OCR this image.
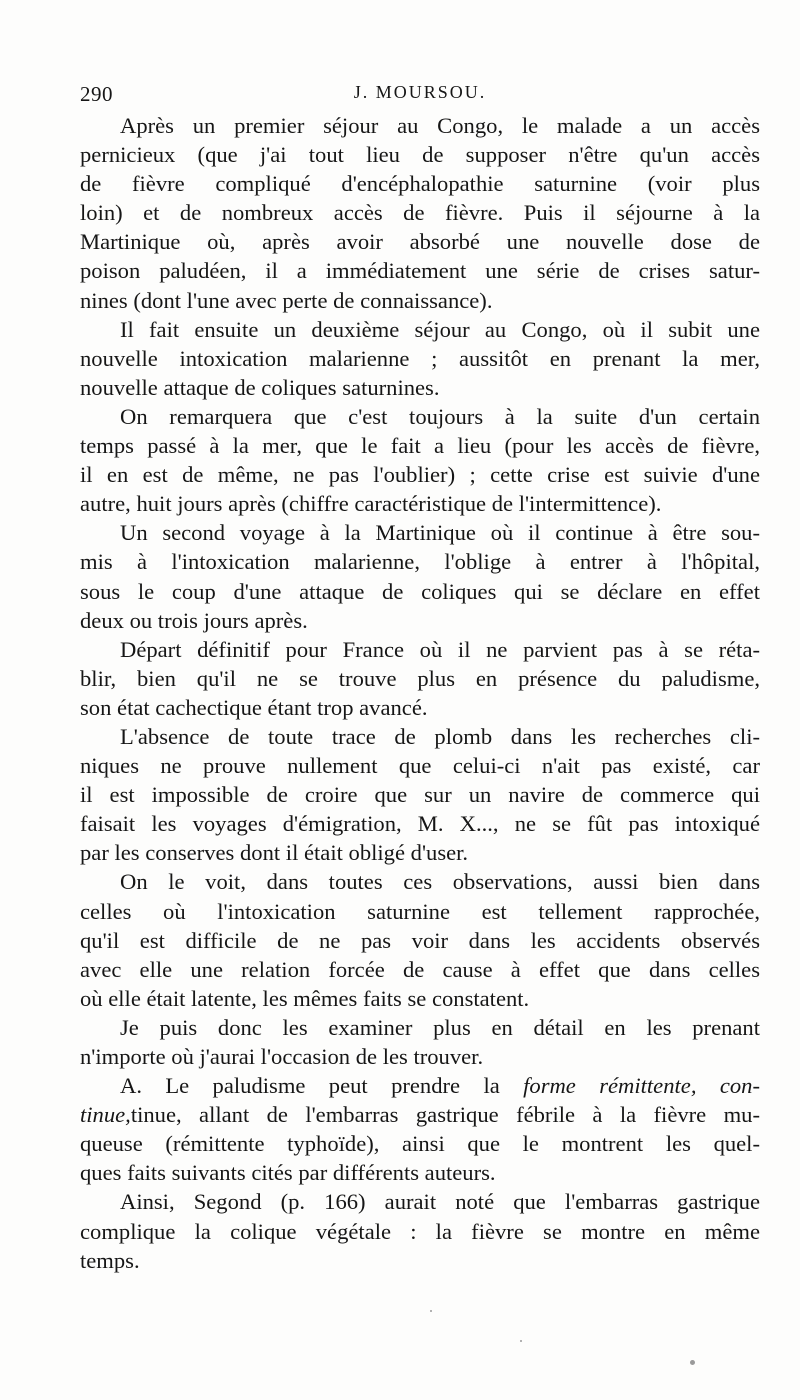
290	J. MOURSOU.
Après un premier séjour au Congo, le malade a un accès
pernicieux (que j'ai tout lieu de supposer n'être qu'un accès
de fièvre compliqué d'encéphalopathie saturnine (voir plus
loin) et de nombreux accès de fièvre. Puis il séjourne à la
Martinique où, après avoir absorbé une nouvelle dose de
poison paludéen, il a immédiatement une série de crises satur-
nines (dont l'une avec perte de connaissance).
Il fait ensuite un deuxième séjour au Congo, où il subit une
nouvelle intoxication malarienne ; aussitôt en prenant la mer,
nouvelle attaque de coliques saturnines.
On remarquera que c'est toujours à la suite d'un certain
temps passé à la mer, que le fait a lieu (pour les accès de fièvre,
il en est de même, ne pas l'oublier) ; cette crise est suivie d'une
autre, huit jours après (chiffre caractéristique de l'intermittence).
Un second voyage à la Martinique où il continue à être sou-
mis à l'intoxication malarienne, l'oblige à entrer à l'hôpital,
sous le coup d'une attaque de coliques qui se déclare en effet
deux ou trois jours après.
Départ définitif pour France où il ne parvient pas à se réta-
blir, bien qu'il ne se trouve plus en présence du paludisme,
son état cachectique étant trop avancé.
L'absence de toute trace de plomb dans les recherches cli-
niques ne prouve nullement que celui-ci n'ait pas existé, car
il est impossible de croire que sur un navire de commerce qui
faisait les voyages d'émigration, M. X..., ne se fût pas intoxiqué
par les conserves dont il était obligé d'user.
On le voit, dans toutes ces observations, aussi bien dans
celles où l'intoxication saturnine est tellement rapprochée,
qu'il est difficile de ne pas voir dans les accidents observés
avec elle une relation forcée de cause à effet que dans celles
où elle était latente, les mêmes faits se constatent.
Je puis donc les examiner plus en détail en les prenant
n'importe où j'aurai l'occasion de les trouver.
A. Le paludisme peut prendre la forme rémittente, con-
tinue,tinue, allant de l'embarras gastrique fébrile à la fièvre mu-
queuse (rémittente typhoïde), ainsi que le montrent les quel-
ques faits suivants cités par différents auteurs.
Ainsi, Segond (p. 166) aurait noté que l'embarras gastrique
complique la colique végétale : la fièvre se montre en même
temps.
